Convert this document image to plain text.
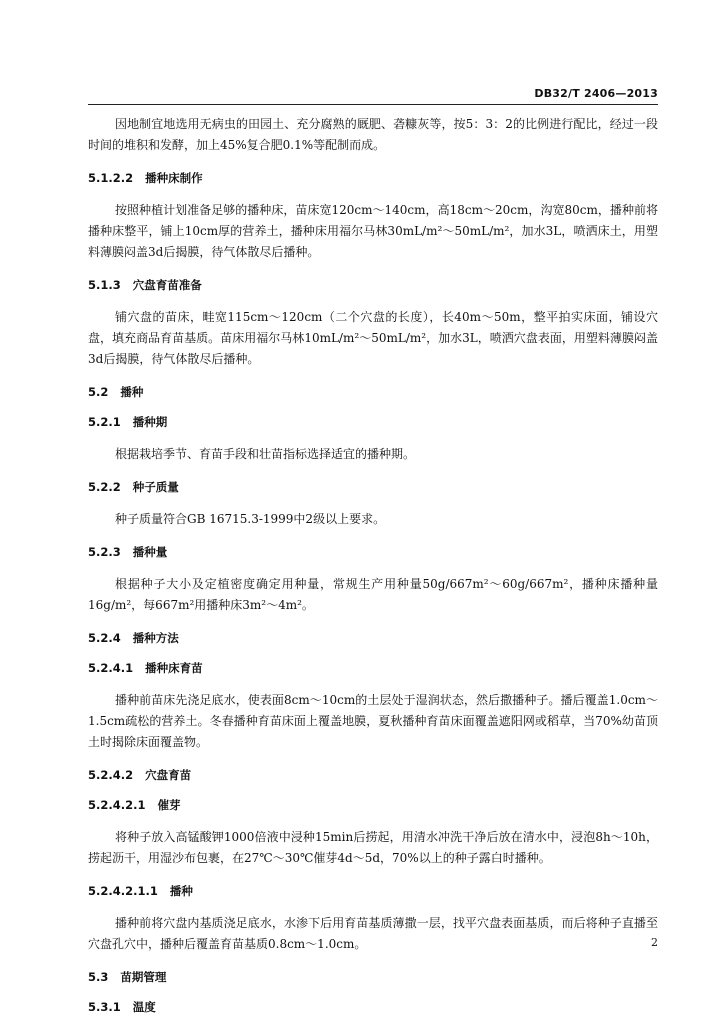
DB32/T 2406—2013

因地制宜地选用无病虫的田园土、充分腐熟的厩肥、砻糠灰等，按5：3：2的比例进行配比，经过一段时间的堆积和发酵，加上45%复合肥0.1%等配制而成。

5.1.2.2 播种床制作

按照种植计划准备足够的播种床，苗床宽120cm～140cm，高18cm～20cm，沟宽80cm，播种前将播种床整平，铺上10cm厚的营养土，播种床用福尔马林30mL/m²～50mL/m²，加水3L，喷洒床土，用塑料薄膜闷盖3d后揭膜，待气体散尽后播种。

5.1.3 穴盘育苗准备

铺穴盘的苗床，畦宽115cm～120cm（二个穴盘的长度），长40m～50m，整平拍实床面，铺设穴盘，填充商品育苗基质。苗床用福尔马林10mL/m²～50mL/m²，加水3L，喷洒穴盘表面，用塑料薄膜闷盖3d后揭膜，待气体散尽后播种。

5.2 播种
5.2.1 播种期

根据栽培季节、育苗手段和壮苗指标选择适宜的播种期。

5.2.2 种子质量

种子质量符合GB 16715.3-1999中2级以上要求。

5.2.3 播种量

根据种子大小及定植密度确定用种量，常规生产用种量50g/667m²～60g/667m²，播种床播种量16g/m²，每667m²用播种床3m²～4m²。

5.2.4 播种方法
5.2.4.1 播种床育苗

播种前苗床先浇足底水，使表面8cm～10cm的土层处于湿润状态，然后撒播种子。播后覆盖1.0cm～1.5cm疏松的营养土。冬春播种育苗床面上覆盖地膜，夏秋播种育苗床面覆盖遮阳网或稻草，当70%幼苗顶土时揭除床面覆盖物。

5.2.4.2 穴盘育苗
5.2.4.2.1 催芽

将种子放入高锰酸钾1000倍液中浸种15min后捞起，用清水冲洗干净后放在清水中，浸泡8h～10h，捞起沥干，用湿沙布包裹，在27℃～30℃催芽4d～5d，70%以上的种子露白时播种。

5.2.4.2.1.1 播种

播种前将穴盘内基质浇足底水，水渗下后用育苗基质薄撒一层，找平穴盘表面基质，而后将种子直播至穴盘孔穴中，播种后覆盖育苗基质0.8cm～1.0cm。

5.3 苗期管理
5.3.1 温度
2
